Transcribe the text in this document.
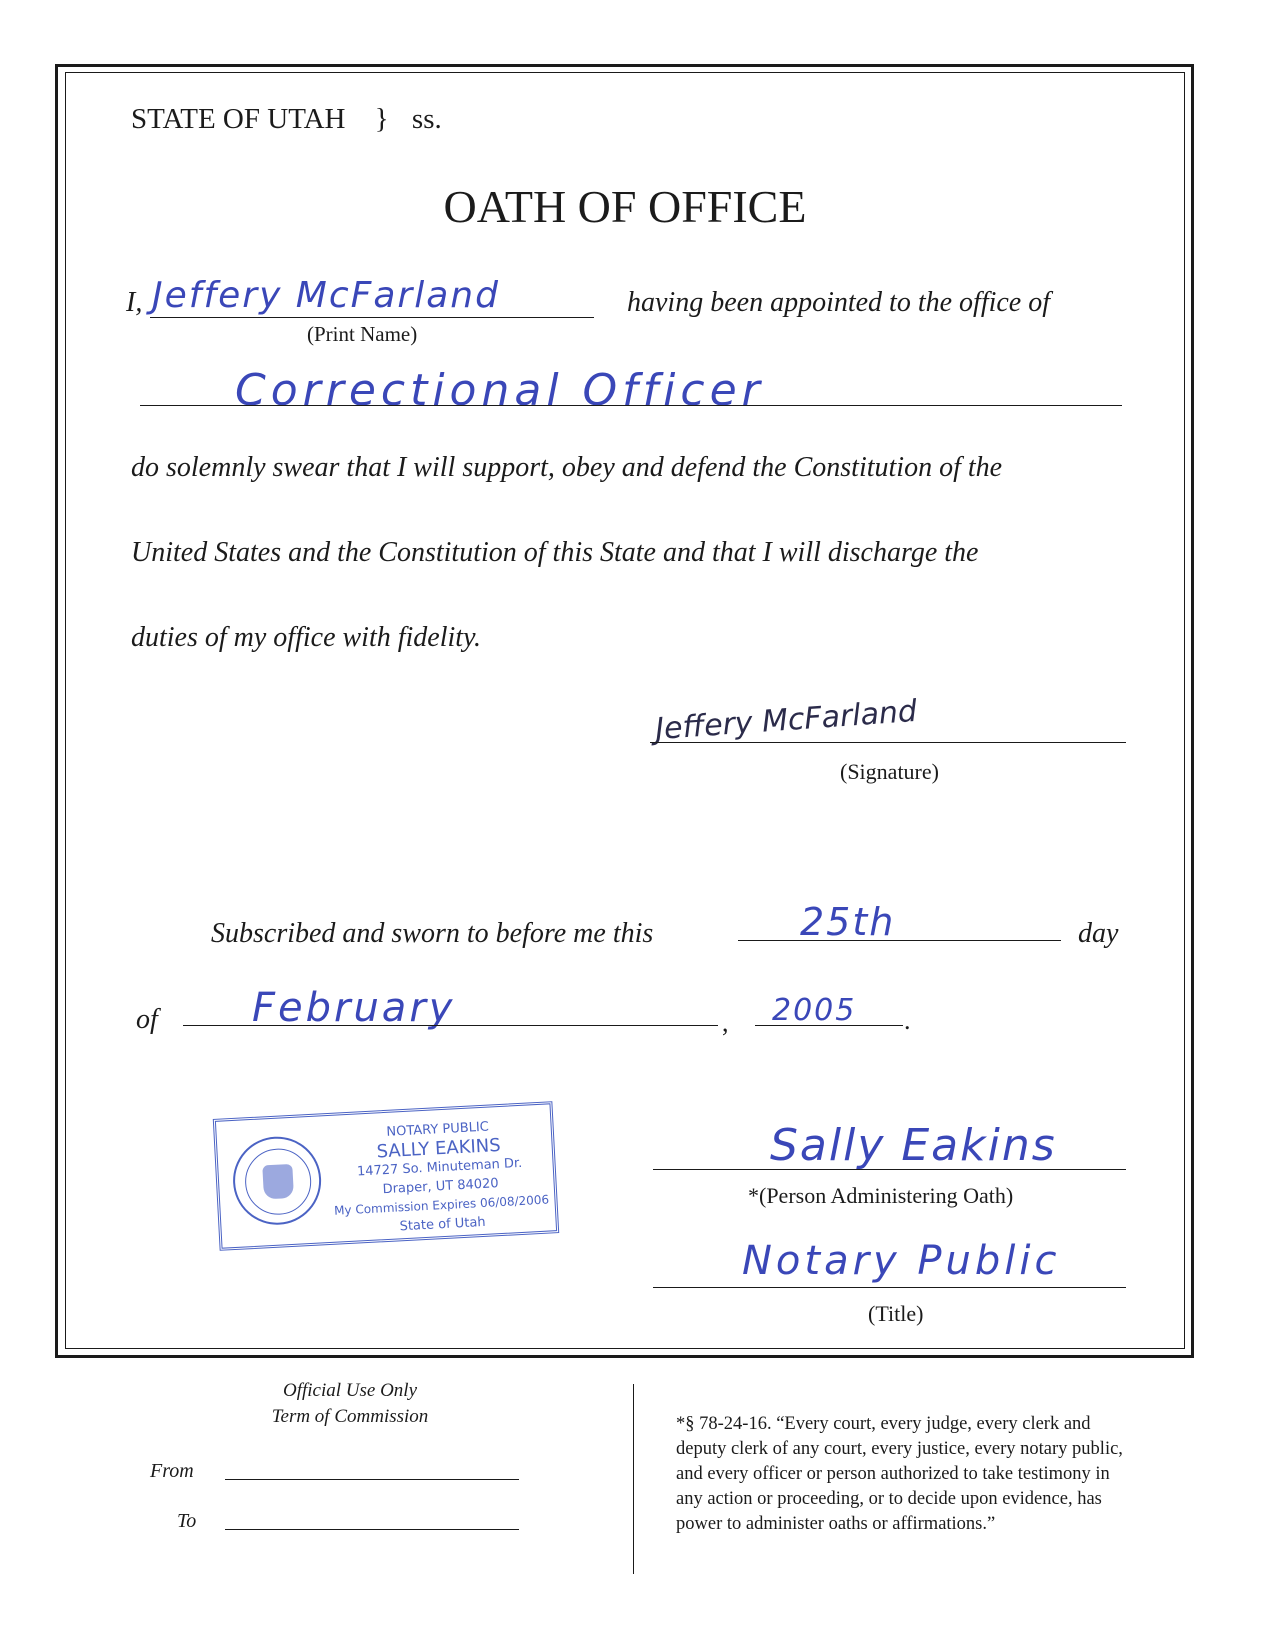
STATE OF UTAH } ss.
OATH OF OFFICE
I, Jeffery McFarland
(Print Name)
having been appointed to the office of
Correctional Officer
do solemnly swear that I will support, obey and defend the Constitution of the
United States and the Constitution of this State and that I will discharge the
duties of my office with fidelity.
Jeffery McFarland
(Signature)
Subscribed and sworn to before me this	25th	day
of February	, 2005 .
NOTARY PUBLIC
SALLY EAKINS
14727 So. Minuteman Dr.
Draper, UT 84020
My Commission Expires 06/08/2006
State of Utah
Sally Eakins
*(Person Administering Oath)
Notary Public
(Title)
Official Use Only
Term of Commission
From
To
*§ 78-24-16. “Every court, every judge, every clerk and
deputy clerk of any court, every justice, every notary public,
and every officer or person authorized to take testimony in
any action or proceeding, or to decide upon evidence, has
power to administer oaths or affirmations.”
